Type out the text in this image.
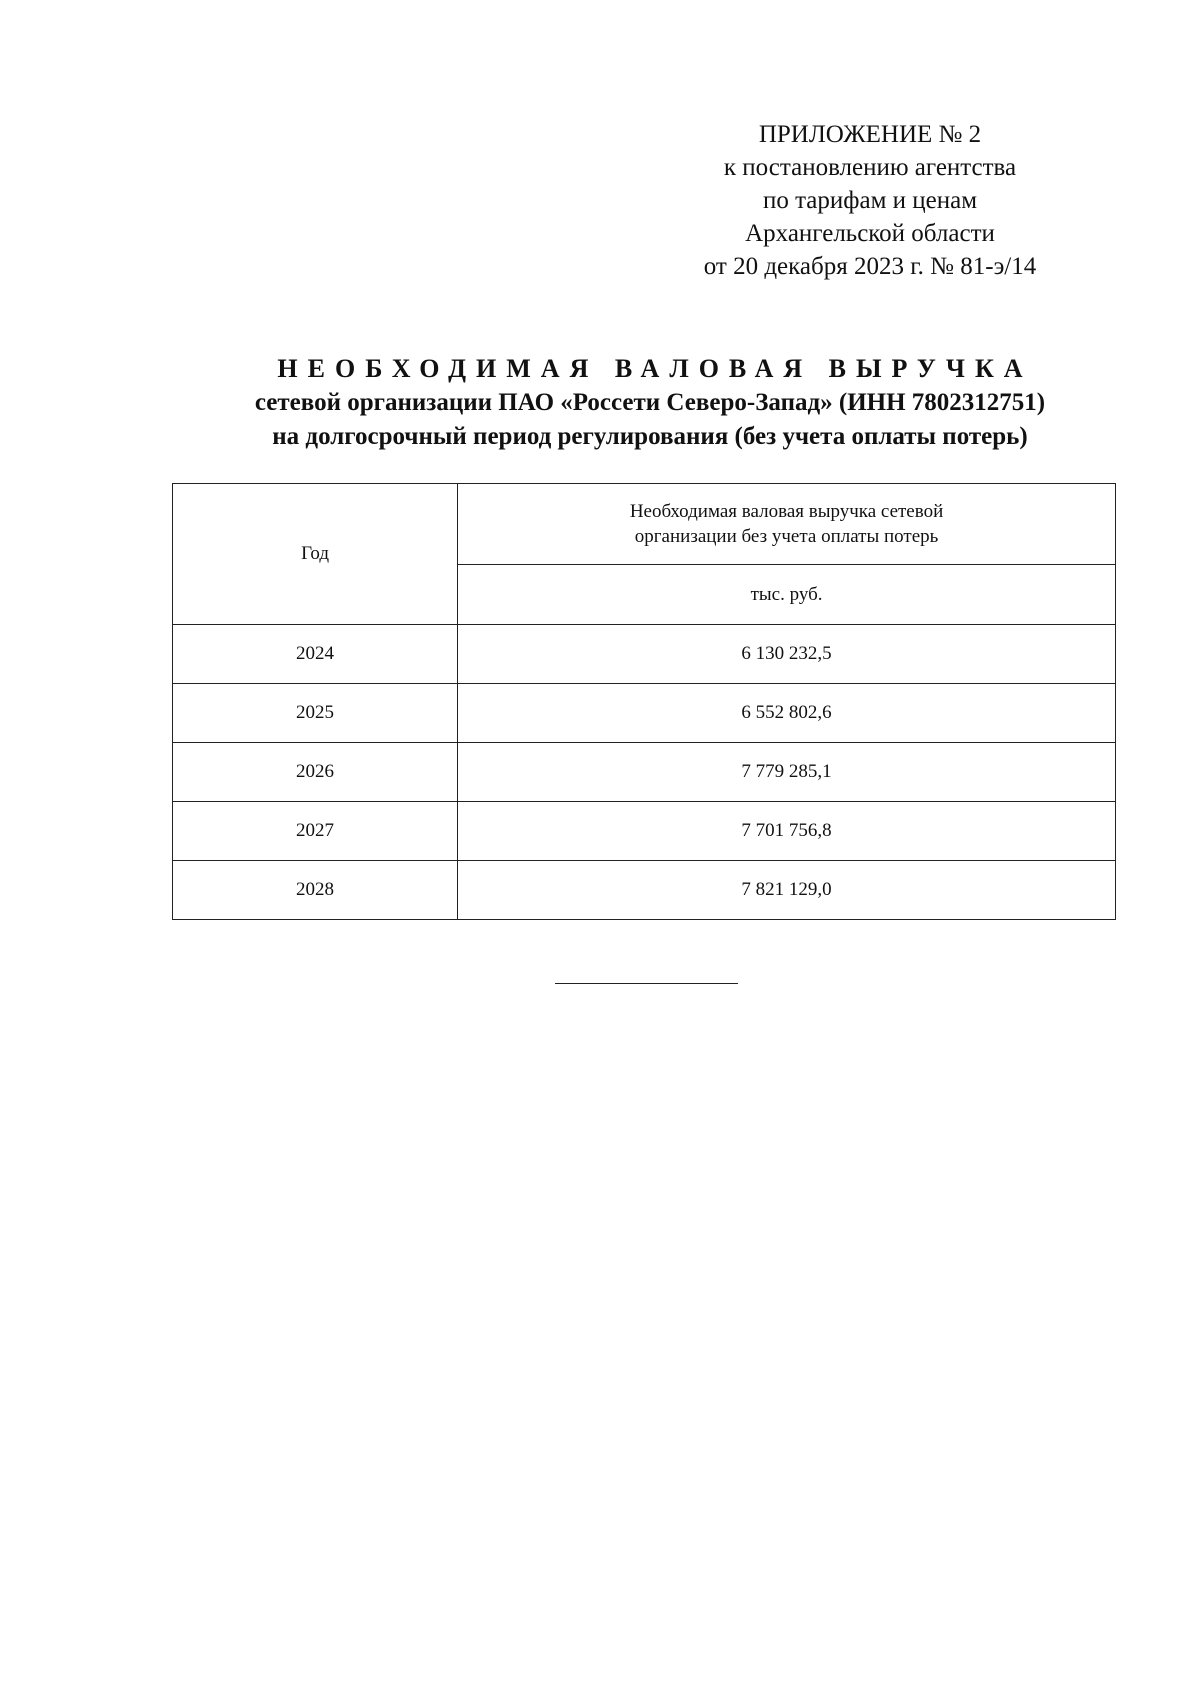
ПРИЛОЖЕНИЕ № 2
к постановлению агентства
по тарифам и ценам
Архангельской области
от 20 декабря 2023 г. № 81-э/14
НЕОБХОДИМАЯ ВАЛОВАЯ ВЫРУЧКА
сетевой организации ПАО «Россети Северо-Запад» (ИНН 7802312751)
на долгосрочный период регулирования (без учета оплаты потерь)
Год	Необходимая валовая выручка сетевой
организации без учета оплаты потерь

	тыс. руб.
2024	6 130 232,5
2025	6 552 802,6
2026	7 779 285,1
2027	7 701 756,8
2028	7 821 129,0
